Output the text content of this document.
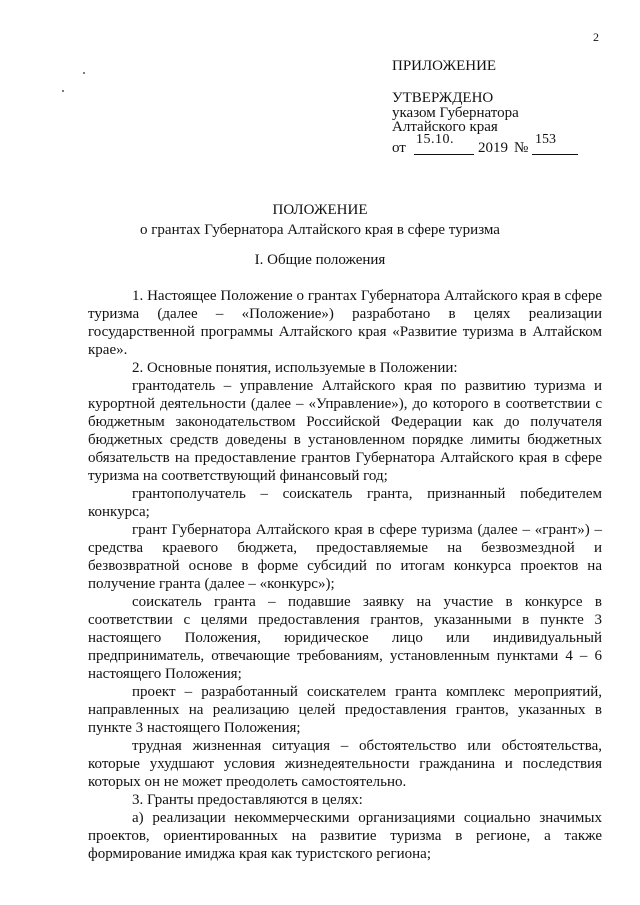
2

ПРИЛОЖЕНИЕ

УТВЕРЖДЕНО

указом Губернатора

Алтайского края

от
15.10.
2019 №
153
ПОЛОЖЕНИЕ
о грантах Губернатора Алтайского края в сфере туризма
I. Общие положения

1. Настоящее Положение о грантах Губернатора Алтайского края в сфере туризма (далее – «Положение») разработано в целях реализации государственной программы Алтайского края «Развитие туризма в Алтайском крае».

2. Основные понятия, используемые в Положении:

грантодатель – управление Алтайского края по развитию туризма и курортной деятельности (далее – «Управление»), до которого в соответствии с бюджетным законодательством Российской Федерации как до получателя бюджетных средств доведены в установленном порядке лимиты бюджетных обязательств на предоставление грантов Губернатора Алтайского края в сфере туризма на соответствующий финансовый год;

грантополучатель – соискатель гранта, признанный победителем конкурса;

грант Губернатора Алтайского края в сфере туризма (далее – «грант») – средства краевого бюджета, предоставляемые на безвозмездной и безвозвратной основе в форме субсидий по итогам конкурса проектов на получение гранта (далее – «конкурс»);

соискатель гранта – подавшие заявку на участие в конкурсе в соответствии с целями предоставления грантов, указанными в пункте 3 настоящего Положения, юридическое лицо или индивидуальный предприниматель, отвечающие требованиям, установленным пунктами 4 – 6 настоящего Положения;

проект – разработанный соискателем гранта комплекс мероприятий, направленных на реализацию целей предоставления грантов, указанных в пункте 3 настоящего Положения;

трудная жизненная ситуация – обстоятельство или обстоятельства, которые ухудшают условия жизнедеятельности гражданина и последствия которых он не может преодолеть самостоятельно.

3. Гранты предоставляются в целях:

а) реализации некоммерческими организациями социально значимых проектов, ориентированных на развитие туризма в регионе, а также формирование имиджа края как туристского региона;
